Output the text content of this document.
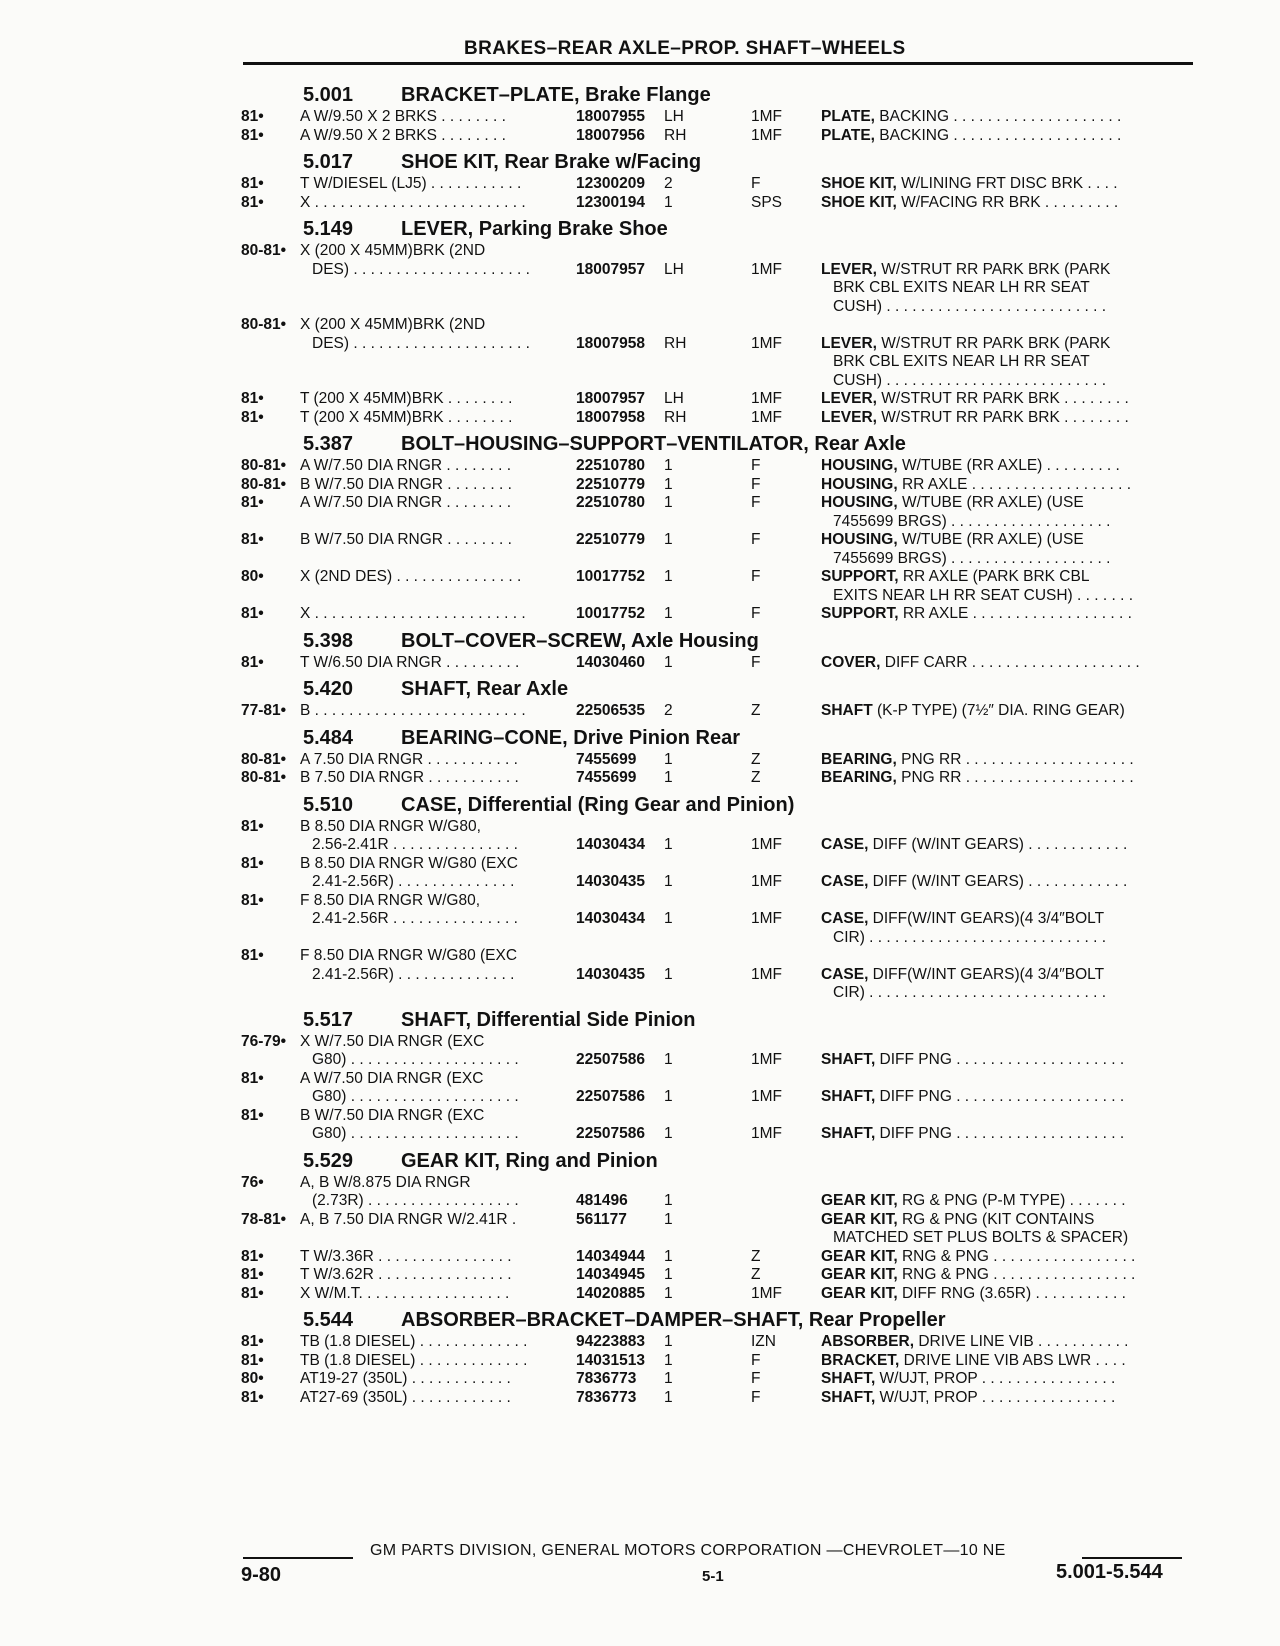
BRAKES–REAR AXLE–PROP. SHAFT–WHEELS
5.001 BRACKET–PLATE, Brake Flange
81• A W/9.50 X 2 BRKS . . . . . . . .	18007955 LH	1MF	PLATE, BACKING . . . . . . . . . . . . . . . . . . . .
81• A W/9.50 X 2 BRKS . . . . . . . .	18007956 RH	1MF	PLATE, BACKING . . . . . . . . . . . . . . . . . . . .
5.017 SHOE KIT, Rear Brake w/Facing
81• T W/DIESEL (LJ5) . . . . . . . . . . .	12300209 2	F	SHOE KIT, W/LINING FRT DISC BRK . . . .
81• X . . . . . . . . . . . . . . . . . . . . . . . . .	12300194 1	SPS	SHOE KIT, W/FACING RR BRK . . . . . . . . .
5.149 LEVER, Parking Brake Shoe
80-81• X (200 X 45MM)BRK (2ND
DES) . . . . . . . . . . . . . . . . . . . . .	18007957 LH	1MF	LEVER, W/STRUT RR PARK BRK (PARK
BRK CBL EXITS NEAR LH RR SEAT
CUSH) . . . . . . . . . . . . . . . . . . . . . . . . . .
80-81• X (200 X 45MM)BRK (2ND
DES) . . . . . . . . . . . . . . . . . . . . .	18007958 RH	1MF	LEVER, W/STRUT RR PARK BRK (PARK
BRK CBL EXITS NEAR LH RR SEAT
CUSH) . . . . . . . . . . . . . . . . . . . . . . . . . .
81• T (200 X 45MM)BRK . . . . . . . .	18007957 LH	1MF	LEVER, W/STRUT RR PARK BRK . . . . . . . .
81• T (200 X 45MM)BRK . . . . . . . .	18007958 RH	1MF	LEVER, W/STRUT RR PARK BRK . . . . . . . .
5.387 BOLT–HOUSING–SUPPORT–VENTILATOR, Rear Axle
80-81• A W/7.50 DIA RNGR . . . . . . . .	22510780 1	F	HOUSING, W/TUBE (RR AXLE) . . . . . . . . .
80-81• B W/7.50 DIA RNGR . . . . . . . .	22510779 1	F	HOUSING, RR AXLE . . . . . . . . . . . . . . . . . . .
81• A W/7.50 DIA RNGR . . . . . . . .	22510780 1	F	HOUSING, W/TUBE (RR AXLE) (USE
7455699 BRGS) . . . . . . . . . . . . . . . . . . .
81• B W/7.50 DIA RNGR . . . . . . . .	22510779 1	F	HOUSING, W/TUBE (RR AXLE) (USE
7455699 BRGS) . . . . . . . . . . . . . . . . . . .
80• X (2ND DES) . . . . . . . . . . . . . . .	10017752 1	F	SUPPORT, RR AXLE (PARK BRK CBL
EXITS NEAR LH RR SEAT CUSH) . . . . . . .
81• X . . . . . . . . . . . . . . . . . . . . . . . . .	10017752 1	F	SUPPORT, RR AXLE . . . . . . . . . . . . . . . . . . .
5.398 BOLT–COVER–SCREW, Axle Housing
81• T W/6.50 DIA RNGR . . . . . . . . .	14030460 1	F	COVER, DIFF CARR . . . . . . . . . . . . . . . . . . . .
5.420 SHAFT, Rear Axle
77-81• B . . . . . . . . . . . . . . . . . . . . . . . . .	22506535 2	Z	SHAFT (K-P TYPE) (7½″ DIA. RING GEAR)
5.484 BEARING–CONE, Drive Pinion Rear
80-81• A 7.50 DIA RNGR . . . . . . . . . . .	7455699 1	Z	BEARING, PNG RR . . . . . . . . . . . . . . . . . . . .
80-81• B 7.50 DIA RNGR . . . . . . . . . . .	7455699 1	Z	BEARING, PNG RR . . . . . . . . . . . . . . . . . . . .
5.510 CASE, Differential (Ring Gear and Pinion)
81• B 8.50 DIA RNGR W/G80,
2.56-2.41R . . . . . . . . . . . . . . .	14030434 1	1MF	CASE, DIFF (W/INT GEARS) . . . . . . . . . . . .
81• B 8.50 DIA RNGR W/G80 (EXC
2.41-2.56R) . . . . . . . . . . . . . .	14030435 1	1MF	CASE, DIFF (W/INT GEARS) . . . . . . . . . . . .
81• F 8.50 DIA RNGR W/G80,
2.41-2.56R . . . . . . . . . . . . . . .	14030434 1	1MF	CASE, DIFF(W/INT GEARS)(4 3/4″BOLT
CIR) . . . . . . . . . . . . . . . . . . . . . . . . . . . .
81• F 8.50 DIA RNGR W/G80 (EXC
2.41-2.56R) . . . . . . . . . . . . . .	14030435 1	1MF	CASE, DIFF(W/INT GEARS)(4 3/4″BOLT
CIR) . . . . . . . . . . . . . . . . . . . . . . . . . . . .
5.517 SHAFT, Differential Side Pinion
76-79• X W/7.50 DIA RNGR (EXC
G80) . . . . . . . . . . . . . . . . . . . .	22507586 1	1MF	SHAFT, DIFF PNG . . . . . . . . . . . . . . . . . . . .
81• A W/7.50 DIA RNGR (EXC
G80) . . . . . . . . . . . . . . . . . . . .	22507586 1	1MF	SHAFT, DIFF PNG . . . . . . . . . . . . . . . . . . . .
81• B W/7.50 DIA RNGR (EXC
G80) . . . . . . . . . . . . . . . . . . . .	22507586 1	1MF	SHAFT, DIFF PNG . . . . . . . . . . . . . . . . . . . .
5.529 GEAR KIT, Ring and Pinion
76• A, B W/8.875 DIA RNGR
(2.73R) . . . . . . . . . . . . . . . . . .	481496 1	GEAR KIT, RG & PNG (P-M TYPE) . . . . . . .
78-81• A, B 7.50 DIA RNGR W/2.41R .	561177 1	GEAR KIT, RG & PNG (KIT CONTAINS
MATCHED SET PLUS BOLTS & SPACER)
81• T W/3.36R . . . . . . . . . . . . . . . .	14034944 1	Z	GEAR KIT, RNG & PNG . . . . . . . . . . . . . . . . .
81• T W/3.62R . . . . . . . . . . . . . . . .	14034945 1	Z	GEAR KIT, RNG & PNG . . . . . . . . . . . . . . . . .
81• X W/M.T. . . . . . . . . . . . . . . . . .	14020885 1	1MF	GEAR KIT, DIFF RNG (3.65R) . . . . . . . . . . .
5.544 ABSORBER–BRACKET–DAMPER–SHAFT, Rear Propeller
81• TB (1.8 DIESEL) . . . . . . . . . . . . .	94223883 1	IZN	ABSORBER, DRIVE LINE VIB . . . . . . . . . . .
81• TB (1.8 DIESEL) . . . . . . . . . . . . .	14031513 1	F	BRACKET, DRIVE LINE VIB ABS LWR . . . .
80• AT19-27 (350L) . . . . . . . . . . . .	7836773 1	F	SHAFT, W/UJT, PROP . . . . . . . . . . . . . . . .
81• AT27-69 (350L) . . . . . . . . . . . .	7836773 1	F	SHAFT, W/UJT, PROP . . . . . . . . . . . . . . . .
GM PARTS DIVISION, GENERAL MOTORS CORPORATION —CHEVROLET—10 NE
9-80	5-1	5.001-5.544
